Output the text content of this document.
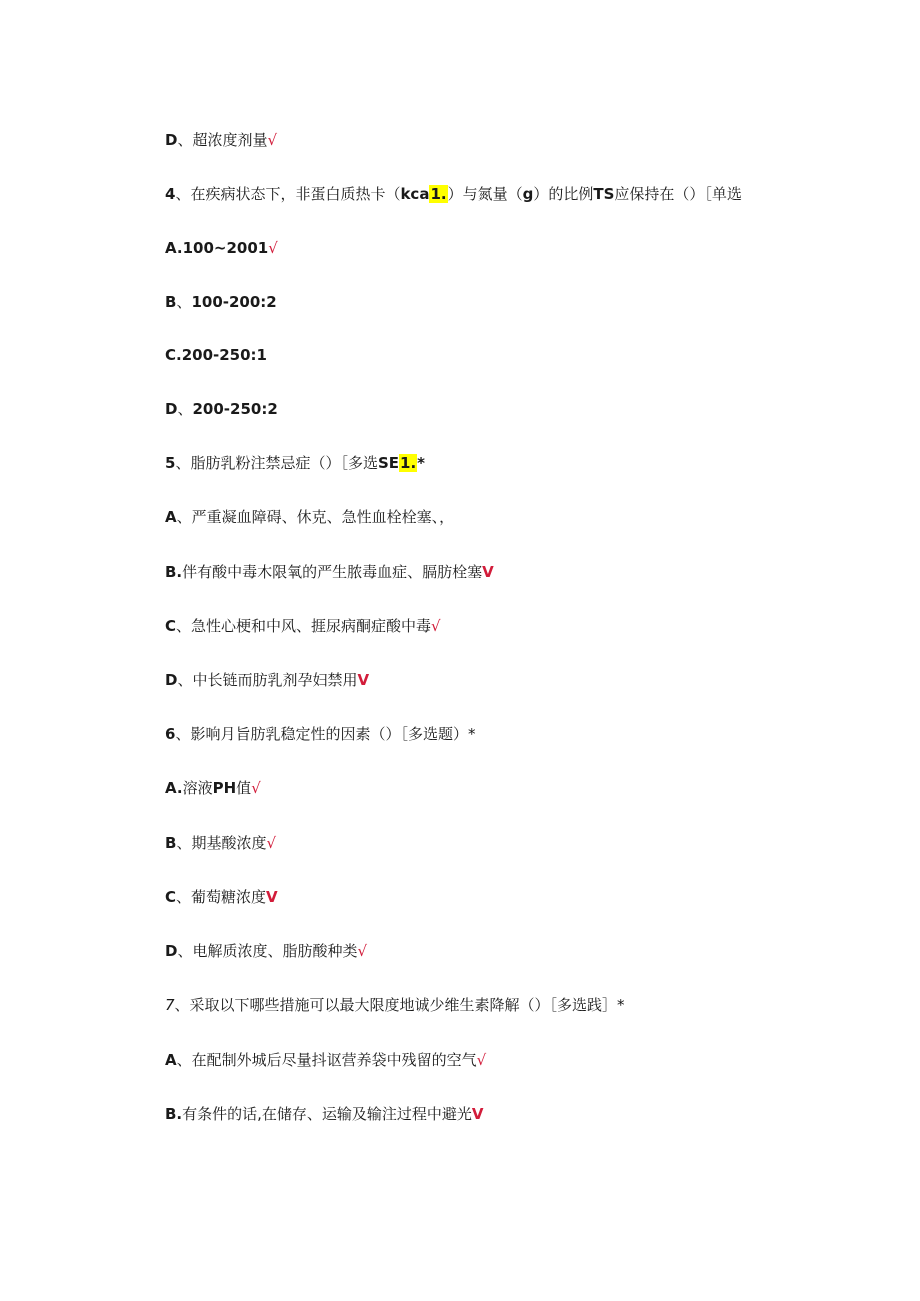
D、超浓度剂量√
4、在疾病状态下，非蛋白质热卡（kca1.）与氮量（g）的比例TS应保持在（）［单选
A.100~2001√
B、100-200:2
C.200-250:1
D、200-250:2
5、脂肪乳粉注禁忌症（）［多选SE1.*
A、严重凝血障碍、休克、急性血栓栓塞、，
B.伴有酸中毒木限氧的严生脓毒血症、膈肪栓塞V
C、急性心梗和中风、捱尿病酮症酸中毒√
D、中长链而肪乳剂孕妇禁用V
6、影响月旨肪乳稳定性的因素（）［多选题）*
A.溶液PH值√
B、期基酸浓度√
C、葡萄糖浓度V
D、电解质浓度、脂肪酸种类√
7、采取以下哪些措施可以最大限度地诚少维生素降解（）［多选践］*
A、在配制外城后尽量抖讴营养袋中残留的空气√
B.有条件的话,在储存、运输及输注过程中避光V
